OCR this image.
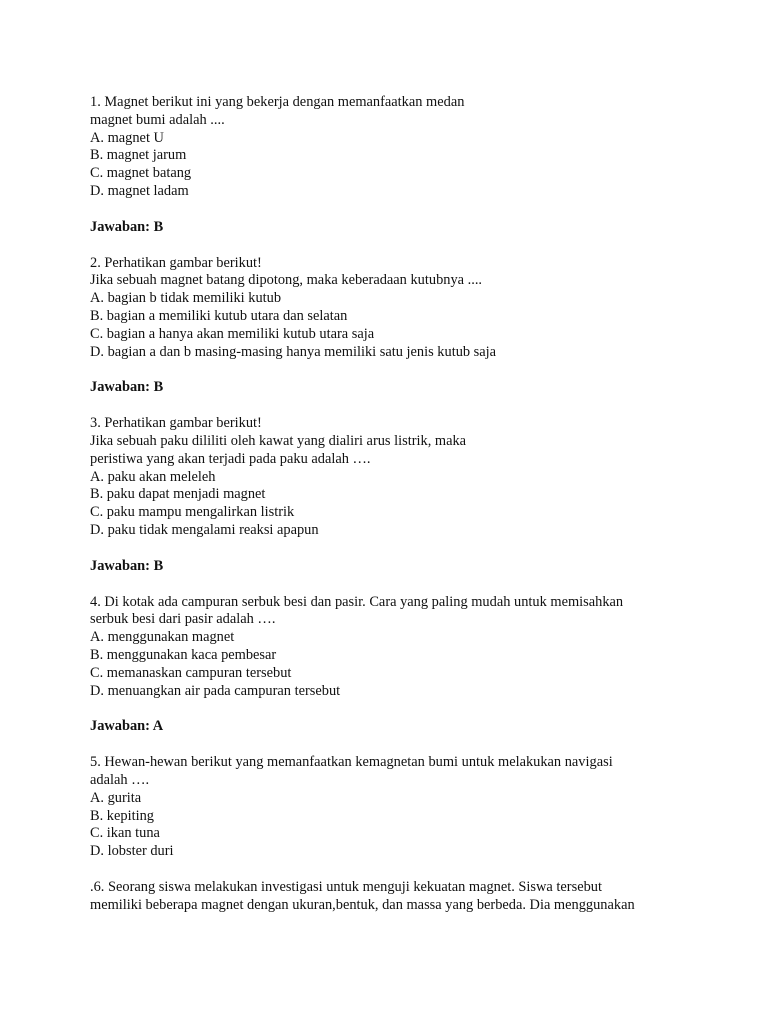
1. Magnet berikut ini yang bekerja dengan memanfaatkan medan
magnet bumi adalah ....
A. magnet U
B. magnet jarum
C. magnet batang
D. magnet ladam
Jawaban: B
2. Perhatikan gambar berikut!
Jika sebuah magnet batang dipotong, maka keberadaan kutubnya ....
A. bagian b tidak memiliki kutub
B. bagian a memiliki kutub utara dan selatan
C. bagian a hanya akan memiliki kutub utara saja
D. bagian a dan b masing-masing hanya memiliki satu jenis kutub saja
Jawaban: B
3. Perhatikan gambar berikut!
Jika sebuah paku dililiti oleh kawat yang dialiri arus listrik, maka
peristiwa yang akan terjadi pada paku adalah ….
A. paku akan meleleh
B. paku dapat menjadi magnet
C. paku mampu mengalirkan listrik
D. paku tidak mengalami reaksi apapun
Jawaban: B
4. Di kotak ada campuran serbuk besi dan pasir. Cara yang paling mudah untuk memisahkan
serbuk besi dari pasir adalah ….
A. menggunakan magnet
B. menggunakan kaca pembesar
C. memanaskan campuran tersebut
D. menuangkan air pada campuran tersebut
Jawaban: A
5. Hewan-hewan berikut yang memanfaatkan kemagnetan bumi untuk melakukan navigasi
adalah ….
A. gurita
B. kepiting
C. ikan tuna
D. lobster duri
.6. Seorang siswa melakukan investigasi untuk menguji kekuatan magnet. Siswa tersebut
memiliki beberapa magnet dengan ukuran,bentuk, dan massa yang berbeda. Dia menggunakan
